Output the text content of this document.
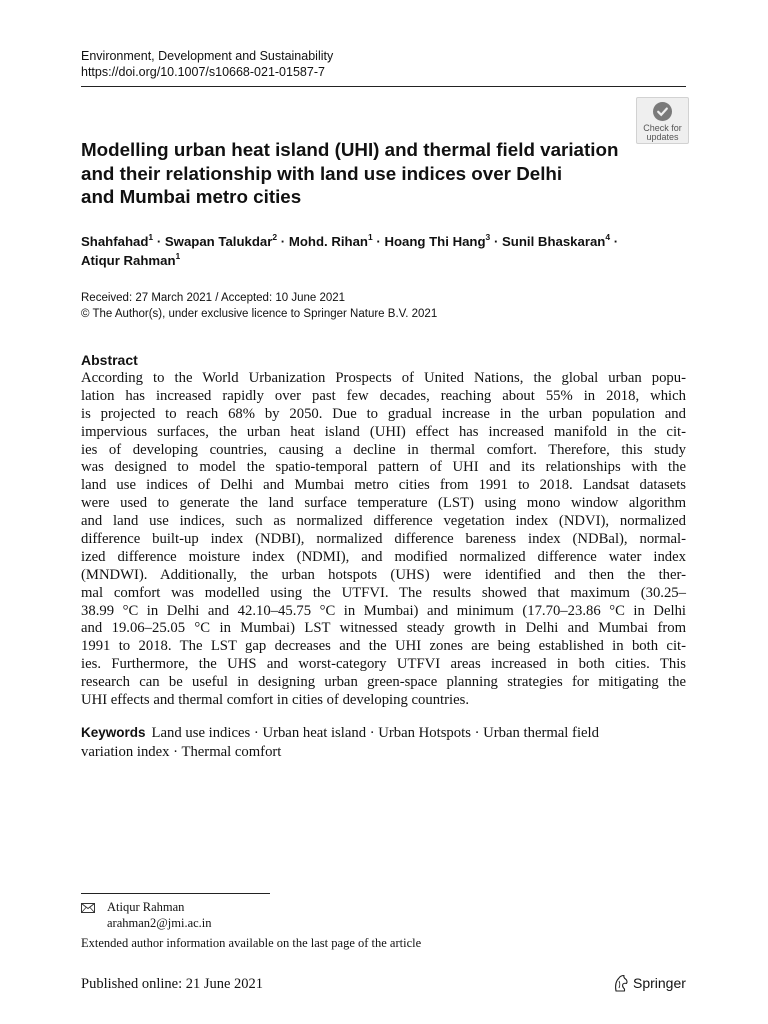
Environment, Development and Sustainability
https://doi.org/10.1007/s10668-021-01587-7
Check for
updates
Modelling urban heat island (UHI) and thermal field variation
and their relationship with land use indices over Delhi
and Mumbai metro cities
Shahfahad$^1$ · Swapan Talukdar$^2$ · Mohd. Rihan$^1$ · Hoang Thi Hang$^3$ · Sunil Bhaskaran$^4$ ·
Atiqur Rahman$^1$
Received: 27 March 2021 / Accepted: 10 June 2021
© The Author(s), under exclusive licence to Springer Nature B.V. 2021
Abstract
According to the World Urbanization Prospects of United Nations, the global urban popu-
lation has increased rapidly over past few decades, reaching about 55% in 2018, which
is projected to reach 68% by 2050. Due to gradual increase in the urban population and
impervious surfaces, the urban heat island (UHI) effect has increased manifold in the cit-
ies of developing countries, causing a decline in thermal comfort. Therefore, this study
was designed to model the spatio-temporal pattern of UHI and its relationships with the
land use indices of Delhi and Mumbai metro cities from 1991 to 2018. Landsat datasets
were used to generate the land surface temperature (LST) using mono window algorithm
and land use indices, such as normalized difference vegetation index (NDVI), normalized
difference built-up index (NDBI), normalized difference bareness index (NDBal), normal-
ized difference moisture index (NDMI), and modified normalized difference water index
(MNDWI). Additionally, the urban hotspots (UHS) were identified and then the ther-
mal comfort was modelled using the UTFVI. The results showed that maximum (30.25–
38.99 °C in Delhi and 42.10–45.75 °C in Mumbai) and minimum (17.70–23.86 °C in Delhi
and 19.06–25.05 °C in Mumbai) LST witnessed steady growth in Delhi and Mumbai from
1991 to 2018. The LST gap decreases and the UHI zones are being established in both cit-
ies. Furthermore, the UHS and worst-category UTFVI areas increased in both cities. This
research can be useful in designing urban green-space planning strategies for mitigating the
UHI effects and thermal comfort in cities of developing countries.
Keywords Land use indices · Urban heat island · Urban Hotspots · Urban thermal field
variation index · Thermal comfort
Atiqur Rahman
arahman2@jmi.ac.in
Extended author information available on the last page of the article
Published online: 21 June 2021	Springer
